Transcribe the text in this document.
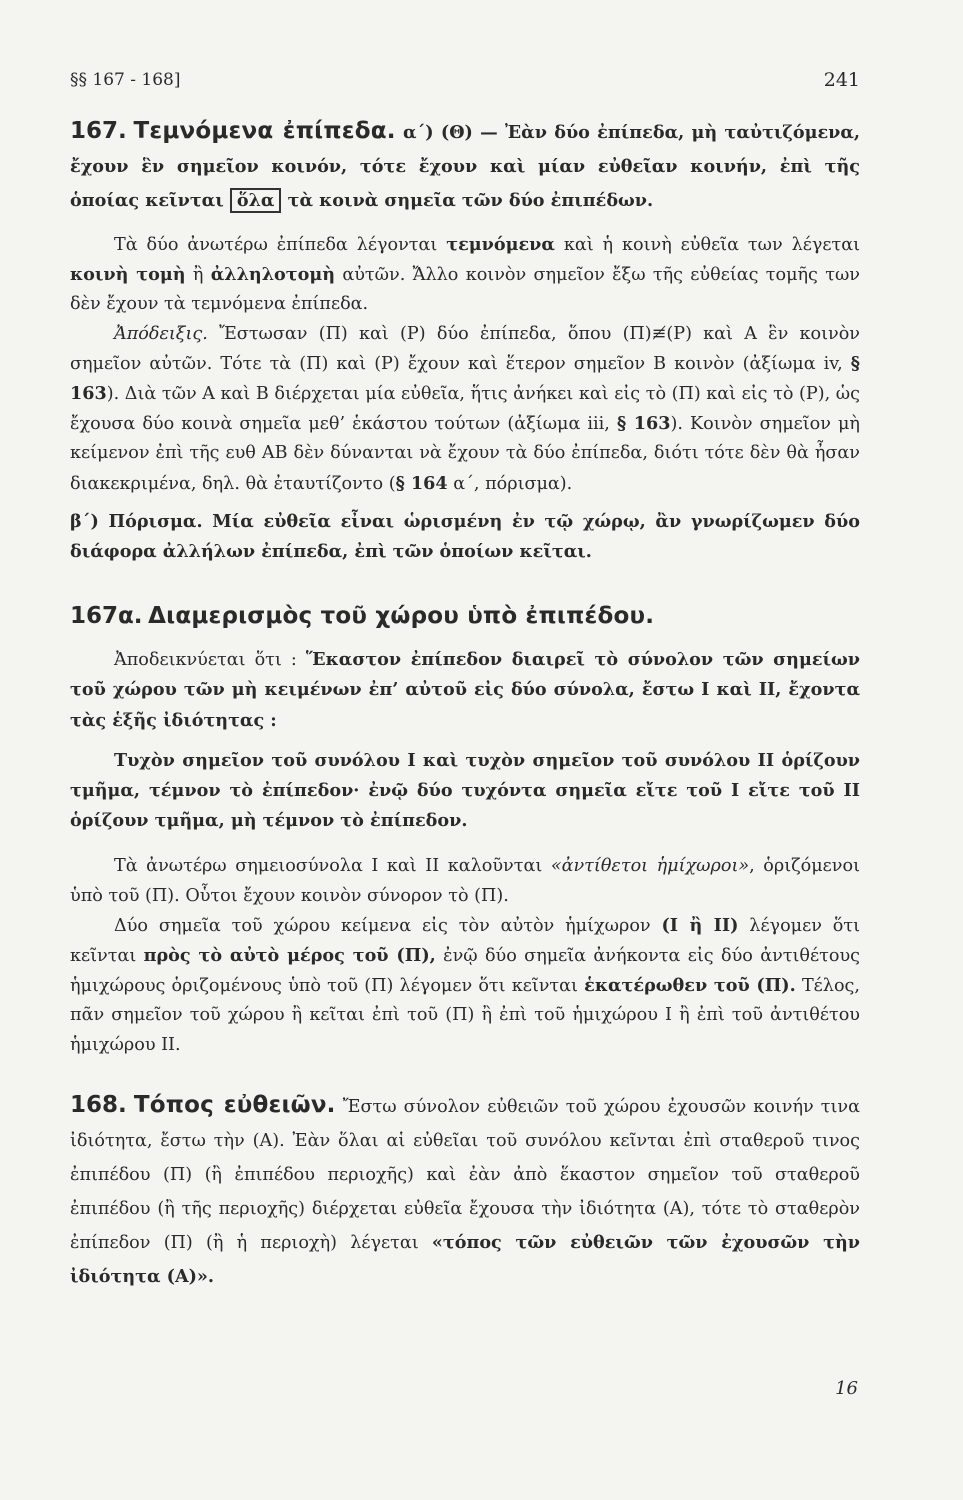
§§ 167 - 168]	241

167. Τεμνόμενα ἐπίπεδα. α΄) (Θ) — Ἐὰν δύο ἐπίπεδα, μὴ ταὐτιζόμενα, ἔχουν ἓν σημεῖον κοινόν, τότε ἔχουν καὶ μίαν εὐθεῖαν κοινήν, ἐπὶ τῆς ὁποίας κεῖνται ὅλα τὰ κοινὰ σημεῖα τῶν δύο ἐπιπέδων.

Τὰ δύο ἀνωτέρω ἐπίπεδα λέγονται τεμνόμενα καὶ ἡ κοινὴ εὐθεῖα των λέγεται κοινὴ τομὴ ἢ ἀλληλοτομὴ αὐτῶν. Ἄλλο κοινὸν σημεῖον ἔξω τῆς εὐθείας τομῆς των δὲν ἔχουν τὰ τεμνόμενα ἐπίπεδα.

Ἀπόδειξις. Ἔστωσαν (Π) καὶ (Ρ) δύο ἐπίπεδα, ὅπου (Π)≢(Ρ) καὶ Α ἓν κοινὸν σημεῖον αὐτῶν. Τότε τὰ (Π) καὶ (Ρ) ἔχουν καὶ ἕτερον σημεῖον Β κοινὸν (ἀξίωμα iv, § 163). Διὰ τῶν Α καὶ Β διέρχεται μία εὐθεῖα, ἥτις ἀνήκει καὶ εἰς τὸ (Π) καὶ εἰς τὸ (Ρ), ὡς ἔχουσα δύο κοινὰ σημεῖα μεθ’ ἑκάστου τούτων (ἀξίωμα iii, § 163). Κοινὸν σημεῖον μὴ κείμενον ἐπὶ τῆς ευθ ΑΒ δὲν δύνανται νὰ ἔχουν τὰ δύο ἐπίπεδα, διότι τότε δὲν θὰ ἦσαν διακεκριμένα, δηλ. θὰ ἐταυτίζοντο (§ 164 α΄, πόρισμα).

β΄) Πόρισμα. Μία εὐθεῖα εἶναι ὡρισμένη ἐν τῷ χώρῳ, ἂν γνωρίζωμεν δύο διάφορα ἀλλήλων ἐπίπεδα, ἐπὶ τῶν ὁποίων κεῖται.

167α. Διαμερισμὸς τοῦ χώρου ὑπὸ ἐπιπέδου.

Ἀποδεικνύεται ὅτι : Ἕκαστον ἐπίπεδον διαιρεῖ τὸ σύνολον τῶν σημείων τοῦ χώρου τῶν μὴ κειμένων ἐπ’ αὐτοῦ εἰς δύο σύνολα, ἔστω Ι καὶ ΙΙ, ἔχοντα τὰς ἑξῆς ἰδιότητας :

Τυχὸν σημεῖον τοῦ συνόλου Ι καὶ τυχὸν σημεῖον τοῦ συνόλου ΙΙ ὁρίζουν τμῆμα, τέμνον τὸ ἐπίπεδον· ἐνῷ δύο τυχόντα σημεῖα εἴτε τοῦ Ι εἴτε τοῦ ΙΙ ὁρίζουν τμῆμα, μὴ τέμνον τὸ ἐπίπεδον.

Τὰ ἀνωτέρω σημειοσύνολα Ι καὶ ΙΙ καλοῦνται «ἀντίθετοι ἡμίχωροι», ὁριζόμενοι ὑπὸ τοῦ (Π). Οὗτοι ἔχουν κοινὸν σύνορον τὸ (Π).

Δύο σημεῖα τοῦ χώρου κείμενα εἰς τὸν αὐτὸν ἡμίχωρον (Ι ἢ ΙΙ) λέγομεν ὅτι κεῖνται πρὸς τὸ αὐτὸ μέρος τοῦ (Π), ἐνῷ δύο σημεῖα ἀνήκοντα εἰς δύο ἀντιθέτους ἡμιχώρους ὁριζομένους ὑπὸ τοῦ (Π) λέγομεν ὅτι κεῖνται ἑκατέρωθεν τοῦ (Π). Τέλος, πᾶν σημεῖον τοῦ χώρου ἢ κεῖται ἐπὶ τοῦ (Π) ἢ ἐπὶ τοῦ ἡμιχώρου Ι ἢ ἐπὶ τοῦ ἀντιθέτου ἡμιχώρου ΙΙ.

168. Τόπος εὐθειῶν. Ἔστω σύνολον εὐθειῶν τοῦ χώρου ἐχουσῶν κοινήν τινα ἰδιότητα, ἔστω τὴν (Α). Ἐὰν ὅλαι αἱ εὐθεῖαι τοῦ συνόλου κεῖνται ἐπὶ σταθεροῦ τινος ἐπιπέδου (Π) (ἢ ἐπιπέδου περιοχῆς) καὶ ἐὰν ἀπὸ ἕκαστον σημεῖον τοῦ σταθεροῦ ἐπιπέδου (ἢ τῆς περιοχῆς) διέρχεται εὐθεῖα ἔχουσα τὴν ἰδιότητα (Α), τότε τὸ σταθερὸν ἐπίπεδον (Π) (ἢ ἡ περιοχὴ) λέγεται «τόπος τῶν εὐθειῶν τῶν ἐχουσῶν τὴν ἰδιότητα (Α)».

16
